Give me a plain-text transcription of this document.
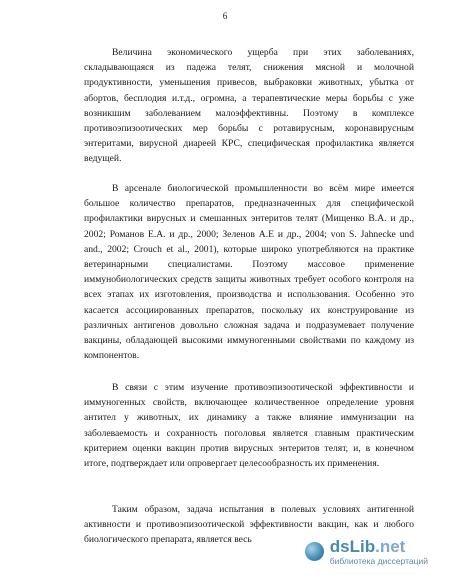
6

Величина экономического ущерба при этих заболеваниях, складывающаяся из падежа телят, снижения мясной и молочной продуктивности, уменьшения привесов, выбраковки животных, убытка от абортов, бесплодия и.т.д., огромна, а терапевтические меры борьбы с уже возникшим заболеванием малоэффективны. Поэтому в комплексе противоэпизоотических мер борьбы с ротавирусным, коронавирусным энтеритами, вирусной диареей КРС, специфическая профилактика является ведущей.

В арсенале биологической промышленности во всём мире имеется большое количество препаратов, предназначенных для специфической профилактики вирусных и смешанных энтеритов телят (Мищенко В.А. и др., 2002; Романов Е.А. и др., 2000; Зеленов А.Е и др., 2004; von S. Jahnecke und and., 2002; Crouch et al., 2001), которые широко употребляются на практике ветеринарными специалистами. Поэтому массовое применение иммунобиологических средств защиты животных требует особого контроля на всех этапах их изготовления, производства и использования. Особенно это касается ассоциированных препаратов, поскольку их конструирование из различных антигенов довольно сложная задача и подразумевает получение вакцины, обладающей высокими иммуногенными свойствами по каждому из компонентов.

В связи с этим изучение противоэпизоотической эффективности и иммуногенных свойств, включающее количественное определение уровня антител у животных, их динамику а также влияние иммунизации на заболеваемость и сохранность поголовья является главным практическим критерием оценки вакцин против вирусных энтеритов телят, и, в конечном итоге, подтверждает или опровергает целесообразность их применения.

Таким образом, задача испытания в полевых условиях антигенной активности и противоэпизоотической эффективности вакцин, как и любого биологического препарата, является весь	dsLib.net
библиотека диссертаций
